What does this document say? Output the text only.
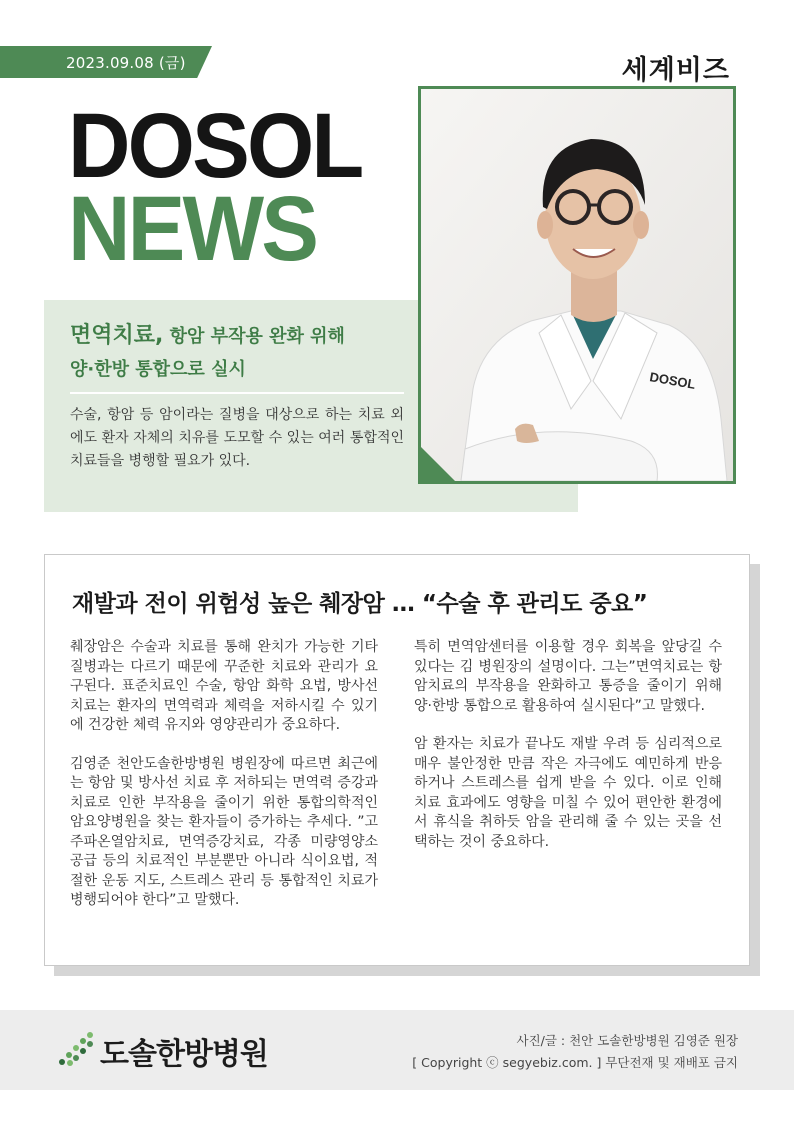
2023.09.08 (금)	세계비즈
DOSOL
NEWS
면역치료, 항암 부작용 완화 위해
양·한방 통합으로 실시
수술, 항암 등 암이라는 질병을 대상으로 하는 치료 외에도 환자 자체의 치유를 도모할 수 있는 여러 통합적인 치료들을 병행할 필요가 있다.
DOSOL
재발과 전이 위험성 높은 췌장암 … “수술 후 관리도 중요”

췌장암은 수술과 치료를 통해 완치가 가능한 기타 질병과는 다르기 때문에 꾸준한 치료와 관리가 요구된다. 표준치료인 수술, 항암 화학 요법, 방사선 치료는 환자의 면역력과 체력을 저하시킬 수 있기에 건강한 체력 유지와 영양관리가 중요하다.

김영준 천안도솔한방병원 병원장에 따르면 최근에는 항암 및 방사선 치료 후 저하되는 면역력 증강과 치료로 인한 부작용을 줄이기 위한 통합의학적인 암요양병원을 찾는 환자들이 증가하는 추세다. ”고주파온열암치료, 면역증강치료, 각종 미량영양소 공급 등의 치료적인 부분뿐만 아니라 식이요법, 적절한 운동 지도, 스트레스 관리 등 통합적인 치료가 병행되어야 한다”고 말했다.

특히 면역암센터를 이용할 경우 회복을 앞당길 수 있다는 김 병원장의 설명이다. 그는”면역치료는 항암치료의 부작용을 완화하고 통증을 줄이기 위해 양·한방 통합으로 활용하여 실시된다”고 말했다.

암 환자는 치료가 끝나도 재발 우려 등 심리적으로 매우 불안정한 만큼 작은 자극에도 예민하게 반응하거나 스트레스를 쉽게 받을 수 있다. 이로 인해 치료 효과에도 영향을 미칠 수 있어 편안한 환경에서 휴식을 취하듯 암을 관리해 줄 수 있는 곳을 선택하는 것이 중요하다.

도솔한방병원	사진/글 : 천안 도솔한방병원 김영준 원장
[ Copyright ⓒ segyebiz.com. ] 무단전재 및 재배포 금지
